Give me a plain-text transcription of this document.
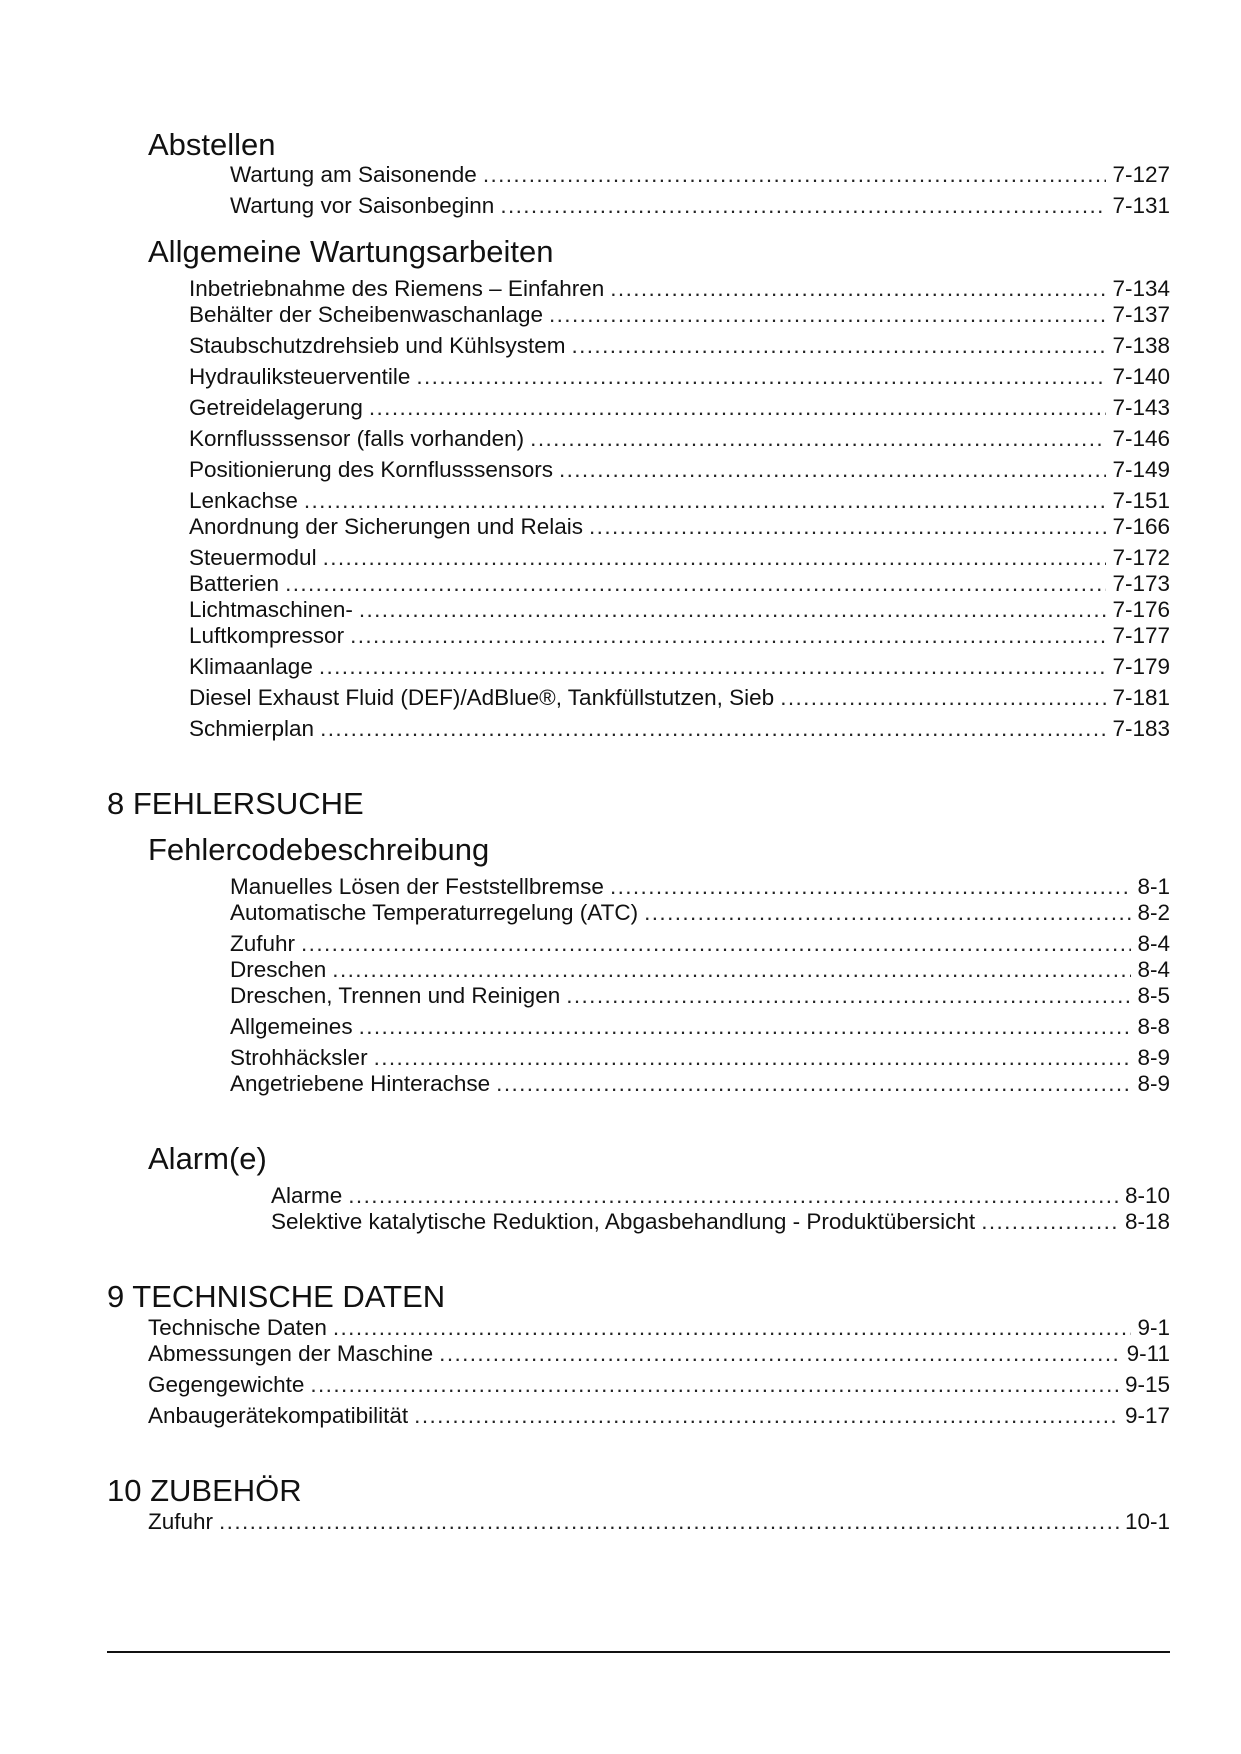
Abstellen
Wartung am Saisonende .....	7-127
Wartung vor Saisonbeginn .....	7-131
Allgemeine Wartungsarbeiten
Inbetriebnahme des Riemens – Einfahren .....	7-134
Behälter der Scheibenwaschanlage .....	7-137
Staubschutzdrehsieb und Kühlsystem .....	7-138
Hydrauliksteuerventile .....	7-140
Getreidelagerung .....	7-143
Kornflusssensor (falls vorhanden) .....	7-146
Positionierung des Kornflusssensors .....	7-149
Lenkachse .....	7-151
Anordnung der Sicherungen und Relais .....	7-166
Steuermodul .....	7-172
Batterien .....	7-173
Lichtmaschinen- .....	7-176
Luftkompressor .....	7-177
Klimaanlage .....	7-179
Diesel Exhaust Fluid (DEF)/AdBlue®, Tankfüllstutzen, Sieb .....	7-181
Schmierplan .....	7-183
8 FEHLERSUCHE
Fehlercodebeschreibung
Manuelles Lösen der Feststellbremse .....	8-1
Automatische Temperaturregelung (ATC) .....	8-2
Zufuhr .....	8-4
Dreschen .....	8-4
Dreschen, Trennen und Reinigen .....	8-5
Allgemeines .....	8-8
Strohhäcksler .....	8-9
Angetriebene Hinterachse .....	8-9
Alarm(e)
Alarme .....	8-10
Selektive katalytische Reduktion, Abgasbehandlung - Produktübersicht .....	8-18
9 TECHNISCHE DATEN
Technische Daten .....	9-1
Abmessungen der Maschine .....	9-11
Gegengewichte .....	9-15
Anbaugerätekompatibilität .....	9-17
10 ZUBEHÖR
Zufuhr .....	10-1
